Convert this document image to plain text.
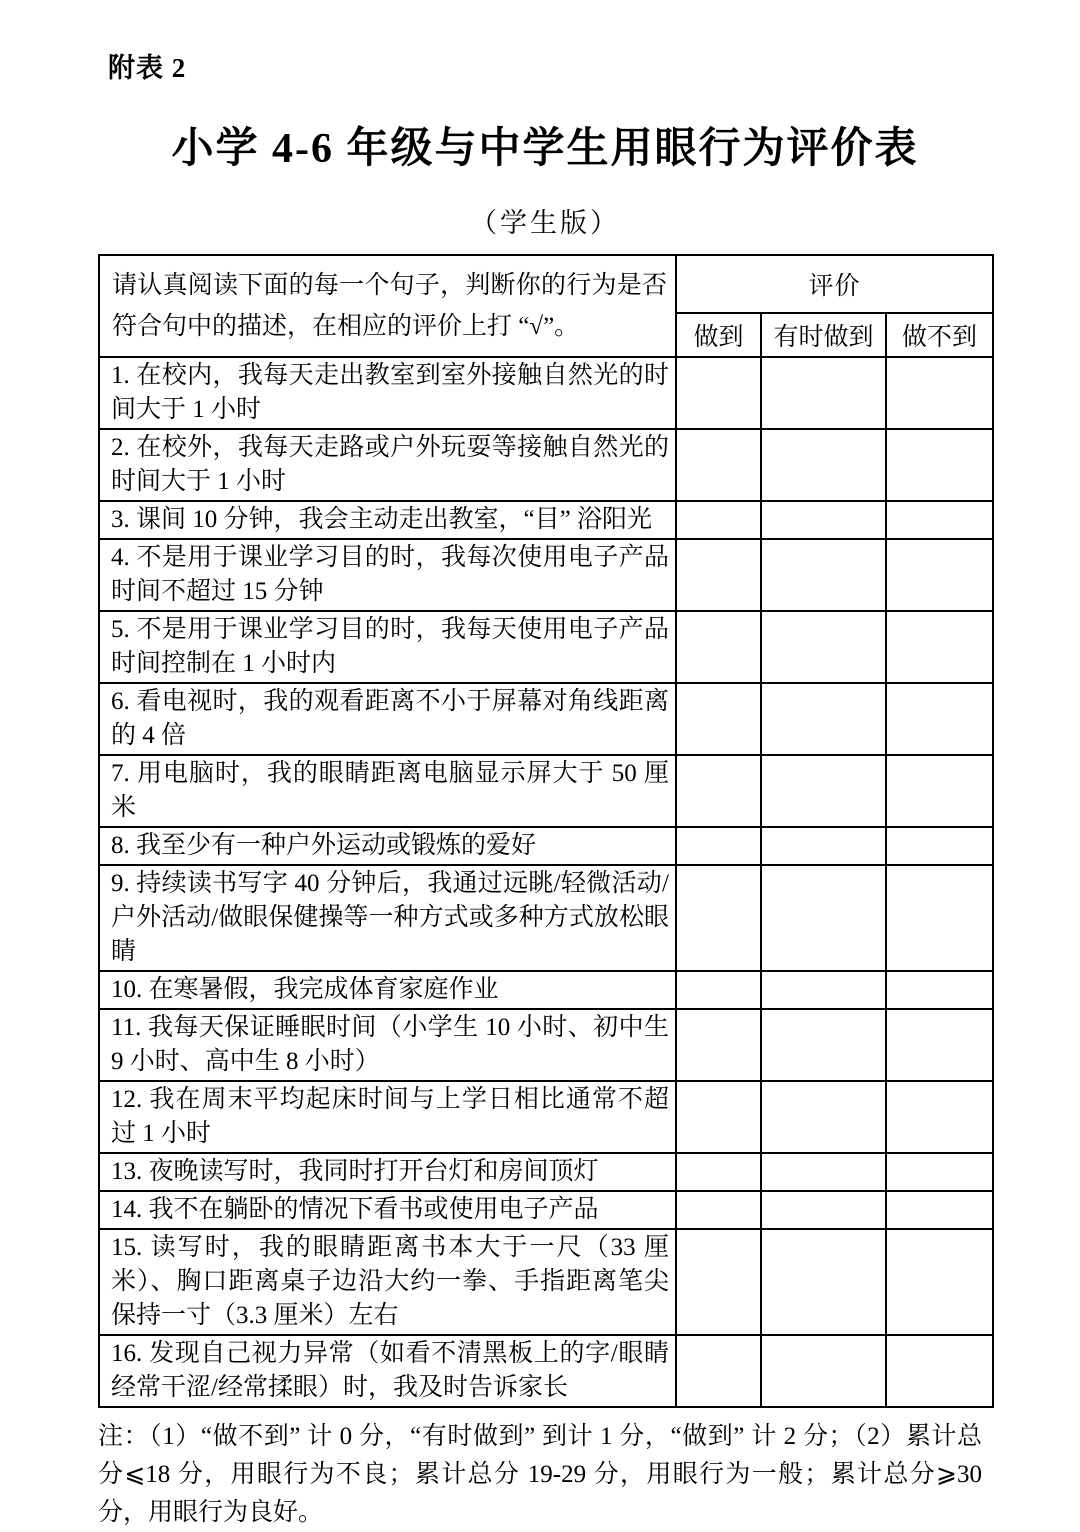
附表 2
小学 4-6 年级与中学生用眼行为评价表
（学生版）
请认真阅读下面的每一个句子，判断你的行为是否符合句中的描述，在相应的评价上打 “√”。	评价		
	做到	有时做到	做不到
1. 在校内，我每天走出教室到室外接触自然光的时间大于 1 小时			
2. 在校外，我每天走路或户外玩耍等接触自然光的时间大于 1 小时			
3. 课间 10 分钟，我会主动走出教室，“目” 浴阳光			
4. 不是用于课业学习目的时，我每次使用电子产品时间不超过 15 分钟			
5. 不是用于课业学习目的时，我每天使用电子产品时间控制在 1 小时内			
6. 看电视时，我的观看距离不小于屏幕对角线距离的 4 倍			
7. 用电脑时，我的眼睛距离电脑显示屏大于 50 厘米			
8. 我至少有一种户外运动或锻炼的爱好			
9. 持续读书写字 40 分钟后，我通过远眺/轻微活动/户外活动/做眼保健操等一种方式或多种方式放松眼睛			
10. 在寒暑假，我完成体育家庭作业			
11. 我每天保证睡眠时间（小学生 10 小时、初中生 9 小时、高中生 8 小时）			
12. 我在周末平均起床时间与上学日相比通常不超过 1 小时			
13. 夜晚读写时，我同时打开台灯和房间顶灯			
14. 我不在躺卧的情况下看书或使用电子产品			
15. 读写时，我的眼睛距离书本大于一尺（33 厘米）、胸口距离桌子边沿大约一拳、手指距离笔尖保持一寸（3.3 厘米）左右			
16. 发现自己视力异常（如看不清黑板上的字/眼睛经常干涩/经常揉眼）时，我及时告诉家长			
注：（1）“做不到” 计 0 分，“有时做到” 到计 1 分，“做到” 计 2 分；（2）累计总分⩽18 分，用眼行为不良；累计总分 19-29 分，用眼行为一般；累计总分⩾30 分，用眼行为良好。
